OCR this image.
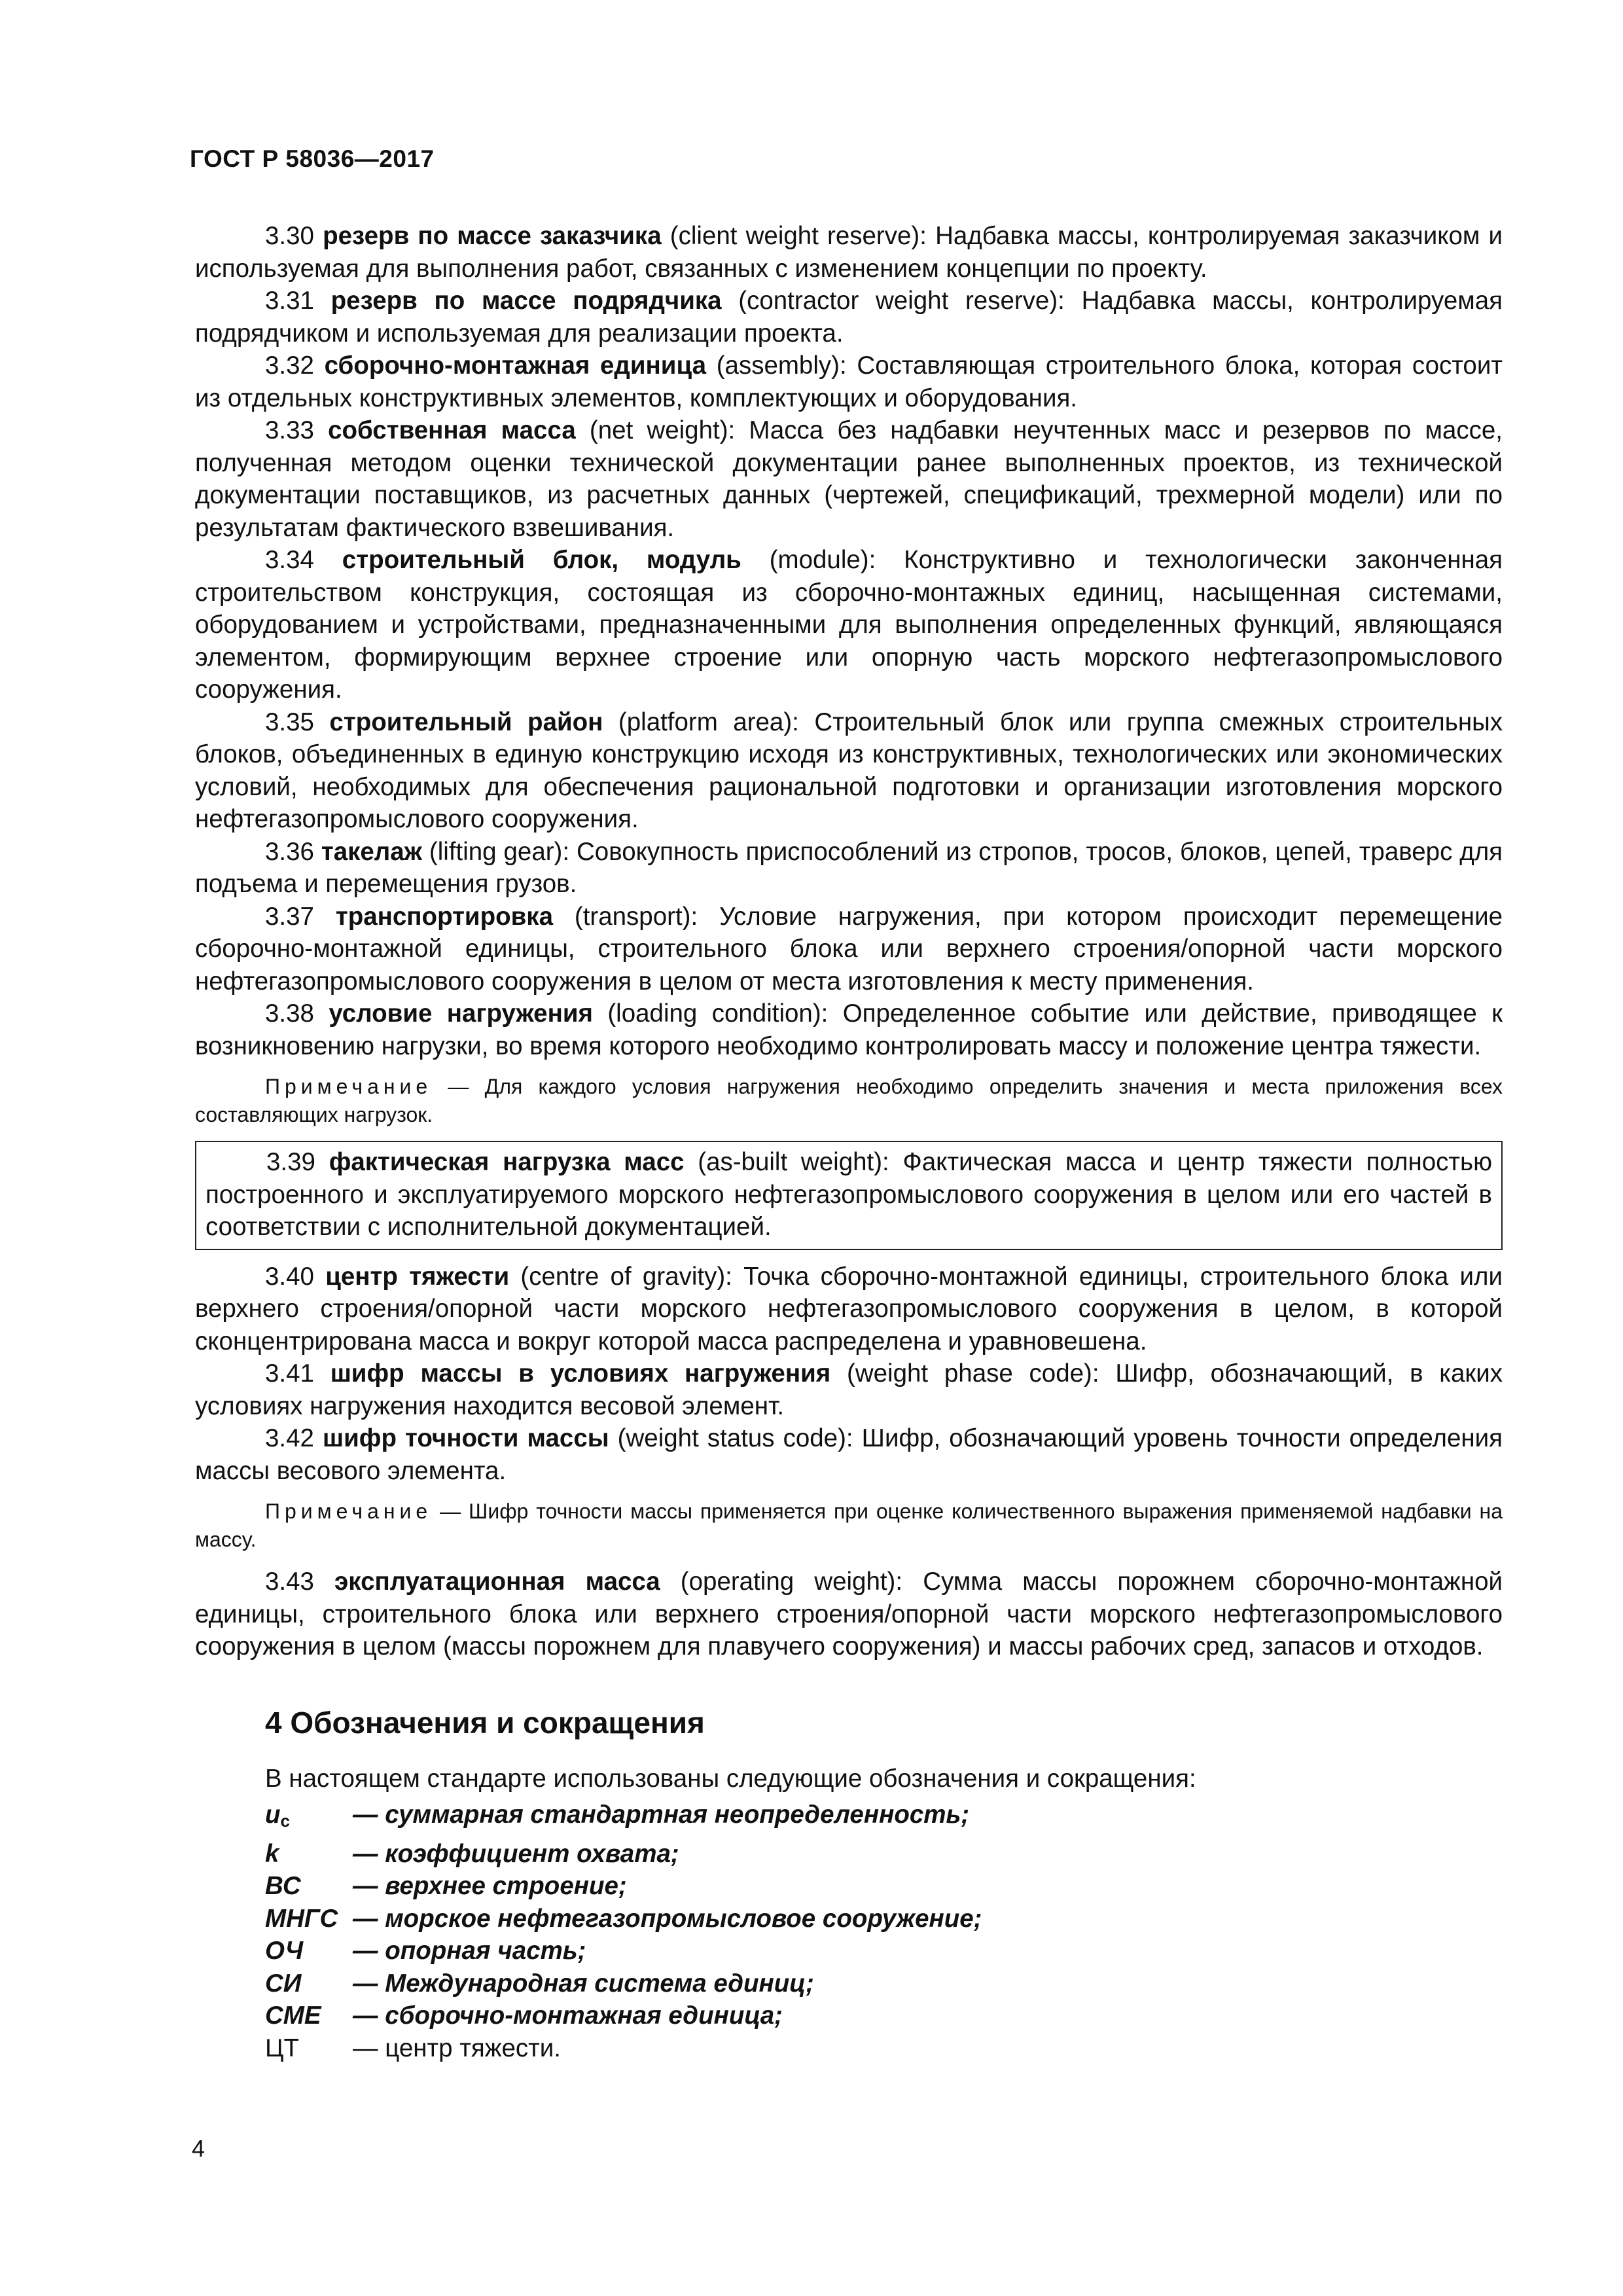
ГОСТ Р 58036—2017

3.30 резерв по массе заказчика (client weight reserve): Надбавка массы, контролируемая заказчиком и используемая для выполнения работ, связанных с изменением концепции по проекту.

3.31 резерв по массе подрядчика (contractor weight reserve): Надбавка массы, контролируемая подрядчиком и используемая для реализации проекта.

3.32 сборочно-монтажная единица (assembly): Составляющая строительного блока, которая состоит из отдельных конструктивных элементов, комплектующих и оборудования.

3.33 собственная масса (net weight): Масса без надбавки неучтенных масс и резервов по массе, полученная методом оценки технической документации ранее выполненных проектов, из технической документации поставщиков, из расчетных данных (чертежей, спецификаций, трехмерной модели) или по результатам фактического взвешивания.

3.34 строительный блок, модуль (module): Конструктивно и технологически законченная строительством конструкция, состоящая из сборочно-монтажных единиц, насыщенная системами, оборудованием и устройствами, предназначенными для выполнения определенных функций, являющаяся элементом, формирующим верхнее строение или опорную часть морского нефтегазопромыслового сооружения.

3.35 строительный район (platform area): Строительный блок или группа смежных строительных блоков, объединенных в единую конструкцию исходя из конструктивных, технологических или экономических условий, необходимых для обеспечения рациональной подготовки и организации изготовления морского нефтегазопромыслового сооружения.

3.36 такелаж (lifting gear): Совокупность приспособлений из стропов, тросов, блоков, цепей, траверс для подъема и перемещения грузов.

3.37 транспортировка (transport): Условие нагружения, при котором происходит перемещение сборочно-монтажной единицы, строительного блока или верхнего строения/опорной части морского нефтегазопромыслового сооружения в целом от места изготовления к месту применения.

3.38 условие нагружения (loading condition): Определенное событие или действие, приводящее к возникновению нагрузки, во время которого необходимо контролировать массу и положение центра тяжести.

Примечание — Для каждого условия нагружения необходимо определить значения и места приложения всех составляющих нагрузок.

3.39 фактическая нагрузка масс (as-built weight): Фактическая масса и центр тяжести полностью построенного и эксплуатируемого морского нефтегазопромыслового сооружения в целом или его частей в соответствии с исполнительной документацией.

3.40 центр тяжести (centre of gravity): Точка сборочно-монтажной единицы, строительного блока или верхнего строения/опорной части морского нефтегазопромыслового сооружения в целом, в которой сконцентрирована масса и вокруг которой масса распределена и уравновешена.

3.41 шифр массы в условиях нагружения (weight phase code): Шифр, обозначающий, в каких условиях нагружения находится весовой элемент.

3.42 шифр точности массы (weight status code): Шифр, обозначающий уровень точности определения массы весового элемента.

Примечание — Шифр точности массы применяется при оценке количественного выражения применяемой надбавки на массу.

3.43 эксплуатационная масса (operating weight): Сумма массы порожнем сборочно-монтажной единицы, строительного блока или верхнего строения/опорной части морского нефтегазопромыслового сооружения в целом (массы порожнем для плавучего сооружения) и массы рабочих сред, запасов и отходов.

4 Обозначения и сокращения
В настоящем стандарте использованы следующие обозначения и сокращения:
$u_c$	— суммарная стандартная неопределенность;
k	— коэффициент охвата;
ВС	— верхнее строение;
МНГС — морское нефтегазопромысловое сооружение;
ОЧ	— опорная часть;
СИ	— Международная система единиц;
СМЕ	— сборочно-монтажная единица;
ЦТ	— центр тяжести.
4
